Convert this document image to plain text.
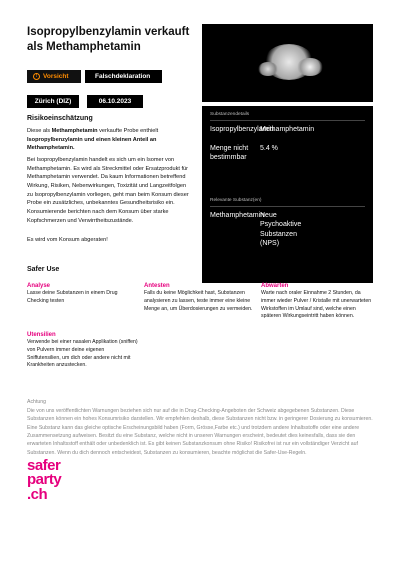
Isopropylbenzylamin verkauft als Methamphetamin
! Vorsicht	Falschdeklaration
Zürich (DIZ)	06.10.2023
Risikoeinschätzung
Diese als Methamphetamin verkaufte Probe enthielt Isopropylbenzylamin und einen kleinen Anteil an Methamphetamin.
Bei Isopropylbenzylamin handelt es sich um ein Isomer von Methamphetamin. Es wird als Streckmittel oder Ersatzprodukt für Methamphetamin verwendet. Da kaum Informationen betreffend Wirkung, Risiken, Nebenwirkungen, Toxizität und Langzeitfolgen zu Isopropylbenzylamin vorliegen, geht man beim Konsum dieser Probe ein zusätzliches, unbekanntes Gesundheitsrisiko ein. Konsumierende berichten nach dem Konsum über starke Kopfschmerzen und Verwirrtheitszustände.
Es wird vom Konsum abgeraten!
Substanzendetails
Isopropylbenzylamin
Methamphetamin
Menge nicht bestimmbar
5.4 %
Relevante Substanz(en)
Methamphetamin
Neue Psychoaktive Substanzen (NPS)
Safer Use
Analyse
Lasse deine Substanzen in einem Drug Checking testen
Antesten
Falls du keine Möglichkeit hast, Substanzen analysieren zu lassen, teste immer eine kleine Menge an, um Überdosierungen zu vermeiden.
Abwarten
Warte nach oraler Einnahme 2 Stunden, da immer wieder Pulver / Kristalle mit unerwarteten Wirkstoffen im Umlauf sind, welche einen späteren Wirkungseintritt haben können.
Utensilien
Verwende bei einer nasalen Applikation (sniffen) von Pulvern immer deine eigenen Sniffutensilien, um dich oder andere nicht mit Krankheiten anzustecken.
Achtung
Die von uns veröffentlichten Warnungen beziehen sich nur auf die in Drug-Checking-Angeboten der Schweiz abgegebenen Substanzen. Diese Substanzen können ein hohes Konsumrisiko darstellen. Wir empfehlen deshalb, diese Substanzen nicht bzw. in geringerer Dosierung zu konsumieren. Eine Substanz kann das gleiche optische Erscheinungsbild haben (Form, Grösse,Farbe etc.) und trotzdem andere Inhaltsstoffe oder eine andere Zusammensetzung aufweisen. Besitzt du eine Substanz, welche nicht in unseren Warnungen erscheint, bedeutet dies keinesfalls, dass sie den erwarteten Inhaltsstoff enthält oder unbedenklich ist. Es gibt keinen Substanzkonsum ohne Risiko! Risikofrei ist nur ein vollständiger Verzicht auf Substanzen. Wenn du dich dennoch entscheidest, Substanzen zu konsumieren, beachte möglichst die Safer-Use-Regeln.
safer
party
.ch
